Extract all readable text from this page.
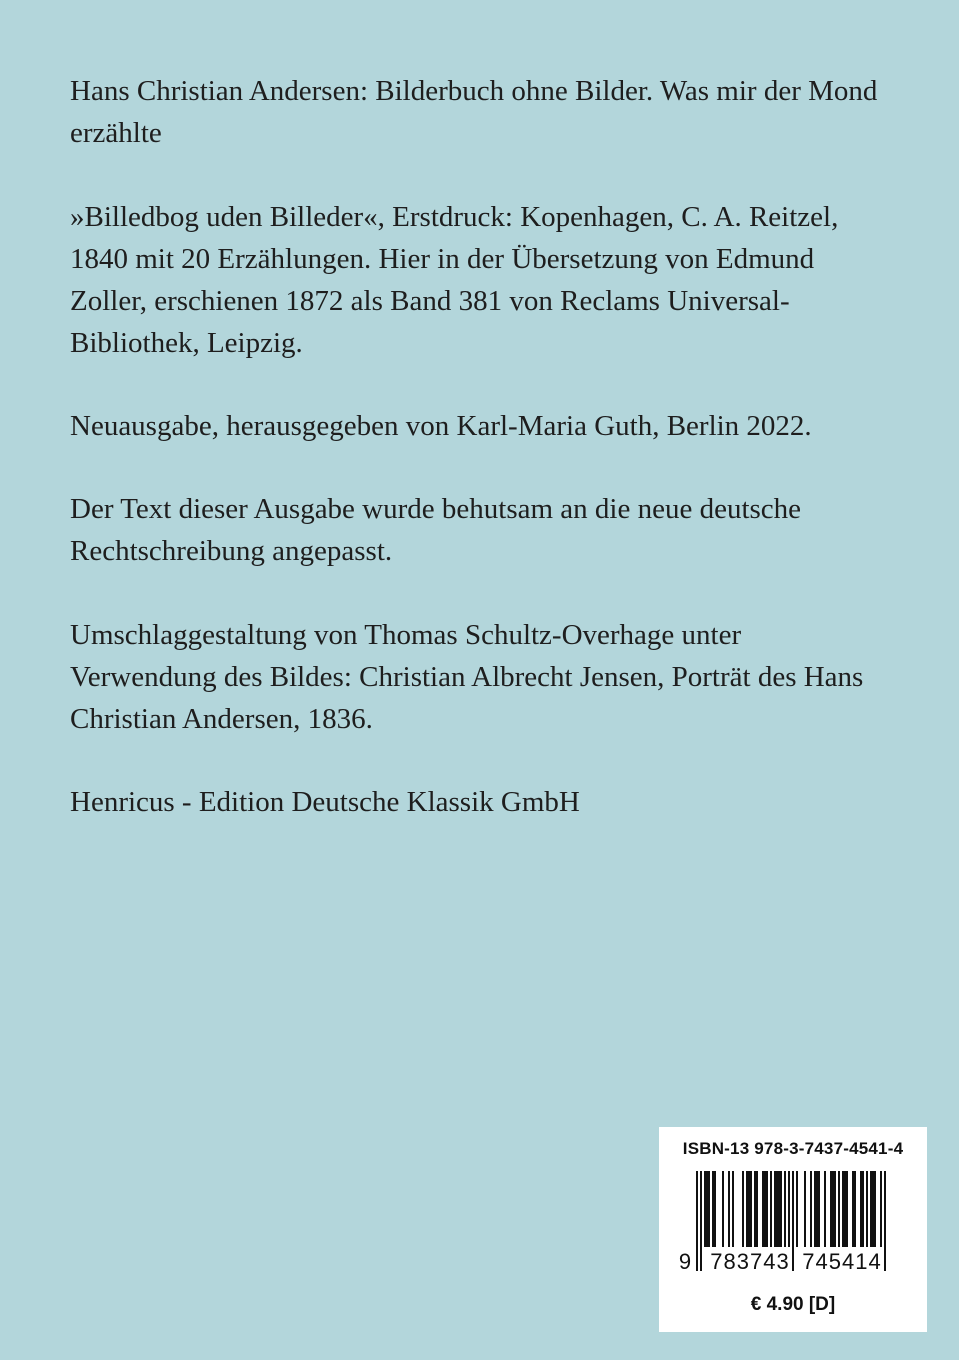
Hans Christian Andersen: Bilderbuch ohne Bilder. Was mir der Mond erzählte

»Billedbog uden Billeder«, Erstdruck: Kopenhagen, C. A. Reitzel, 1840 mit 20 Erzählungen. Hier in der Übersetzung von Edmund Zoller, erschienen 1872 als Band 381 von Reclams Universal-Bibliothek, Leipzig.

Neuausgabe, herausgegeben von Karl-Maria Guth, Berlin 2022.

Der Text dieser Ausgabe wurde behutsam an die neue deutsche Rechtschreibung angepasst.

Umschlaggestaltung von Thomas Schultz-Overhage unter Verwendung des Bildes: Christian Albrecht Jensen, Porträt des Hans Christian Andersen, 1836.

Henricus - Edition Deutsche Klassik GmbH

ISBN-13 978-3-7437-4541-4
9 783743 745414
€ 4.90 [D]
